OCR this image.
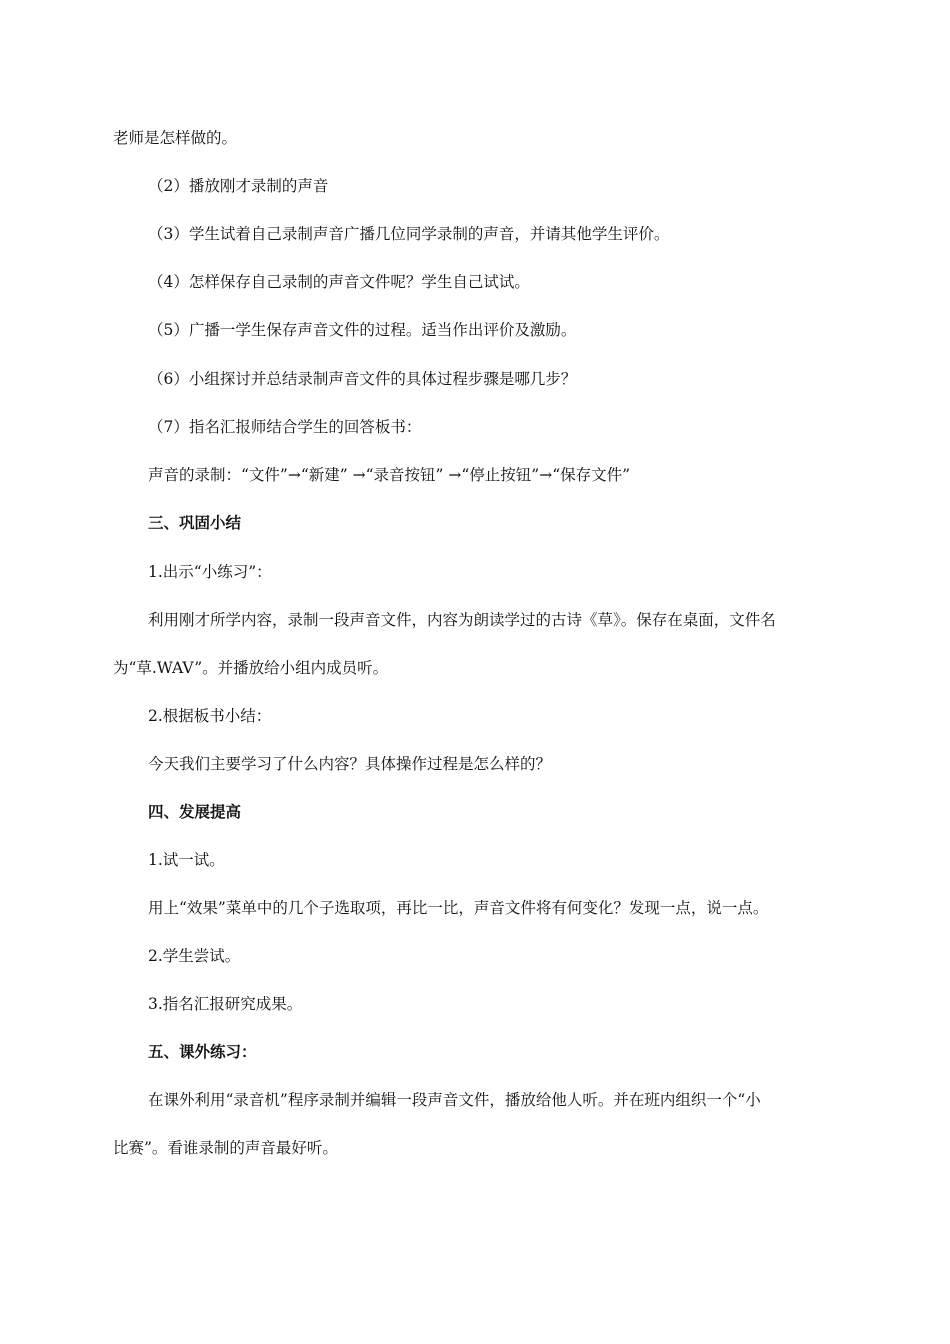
老师是怎样做的。
（2）播放刚才录制的声音
（3）学生试着自己录制声音广播几位同学录制的声音，并请其他学生评价。
（4）怎样保存自己录制的声音文件呢？学生自己试试。
（5）广播一学生保存声音文件的过程。适当作出评价及激励。
（6）小组探讨并总结录制声音文件的具体过程步骤是哪几步？
（7）指名汇报师结合学生的回答板书：
声音的录制：“文件”→“新建” →“录音按钮” →“停止按钮”→“保存文件”
三、巩固小结
1.出示“小练习”：
利用刚才所学内容，录制一段声音文件，内容为朗读学过的古诗《草》。保存在桌面，文件名
为“草.WAV”。并播放给小组内成员听。
2.根据板书小结：
今天我们主要学习了什么内容？具体操作过程是怎么样的？
四、发展提高
1.试一试。
用上“效果”菜单中的几个子选取项，再比一比，声音文件将有何变化？发现一点，说一点。
2.学生尝试。
3.指名汇报研究成果。
五、课外练习：
在课外利用“录音机”程序录制并编辑一段声音文件，播放给他人听。并在班内组织一个“小
比赛”。看谁录制的声音最好听。
